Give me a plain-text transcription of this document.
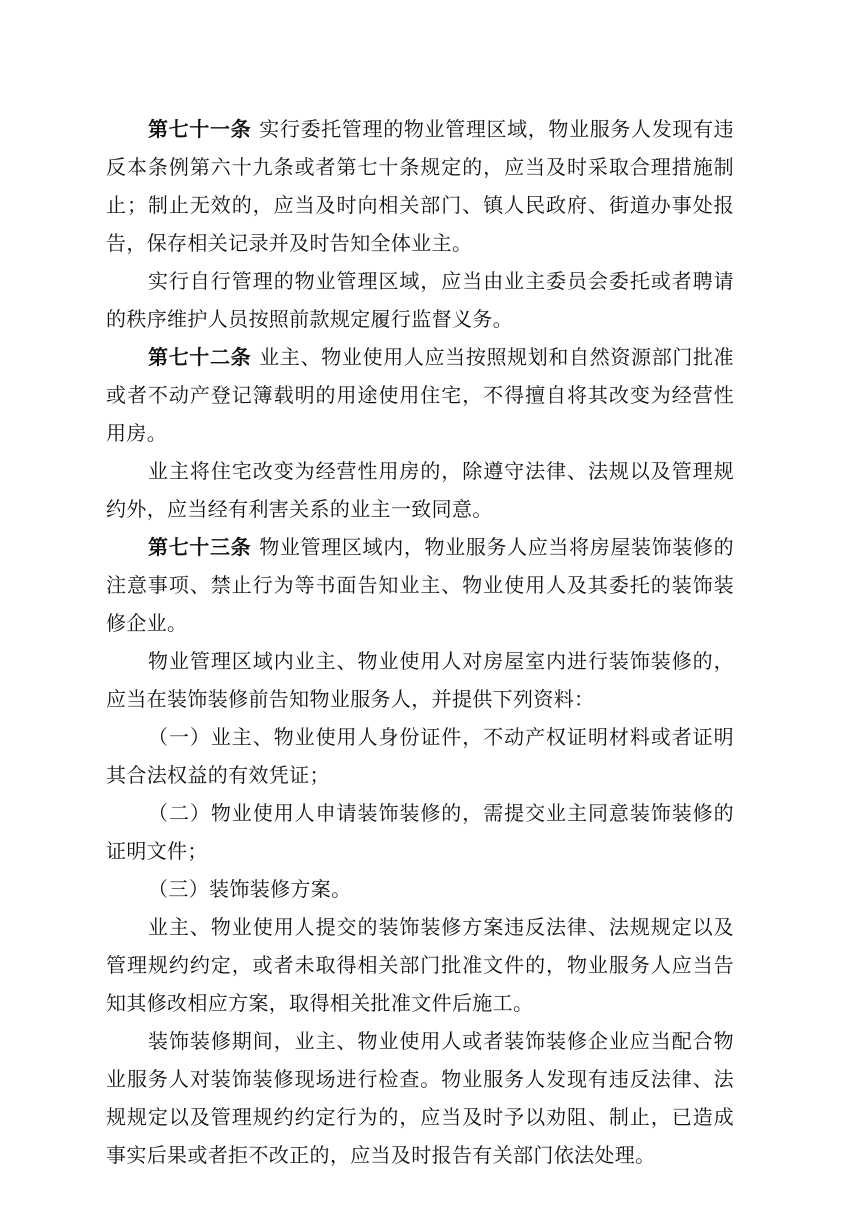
第七十一条 实行委托管理的物业管理区域，物业服务人发现有违反本条例第六十九条或者第七十条规定的，应当及时采取合理措施制止；制止无效的，应当及时向相关部门、镇人民政府、街道办事处报告，保存相关记录并及时告知全体业主。

实行自行管理的物业管理区域，应当由业主委员会委托或者聘请的秩序维护人员按照前款规定履行监督义务。

第七十二条 业主、物业使用人应当按照规划和自然资源部门批准或者不动产登记簿载明的用途使用住宅，不得擅自将其改变为经营性用房。

业主将住宅改变为经营性用房的，除遵守法律、法规以及管理规约外，应当经有利害关系的业主一致同意。

第七十三条 物业管理区域内，物业服务人应当将房屋装饰装修的注意事项、禁止行为等书面告知业主、物业使用人及其委托的装饰装修企业。

物业管理区域内业主、物业使用人对房屋室内进行装饰装修的，应当在装饰装修前告知物业服务人，并提供下列资料：

（一）业主、物业使用人身份证件，不动产权证明材料或者证明其合法权益的有效凭证；

（二）物业使用人申请装饰装修的，需提交业主同意装饰装修的证明文件；

（三）装饰装修方案。

业主、物业使用人提交的装饰装修方案违反法律、法规规定以及管理规约约定，或者未取得相关部门批准文件的，物业服务人应当告知其修改相应方案，取得相关批准文件后施工。

装饰装修期间，业主、物业使用人或者装饰装修企业应当配合物业服务人对装饰装修现场进行检查。物业服务人发现有违反法律、法规规定以及管理规约约定行为的，应当及时予以劝阻、制止，已造成事实后果或者拒不改正的，应当及时报告有关部门依法处理。
